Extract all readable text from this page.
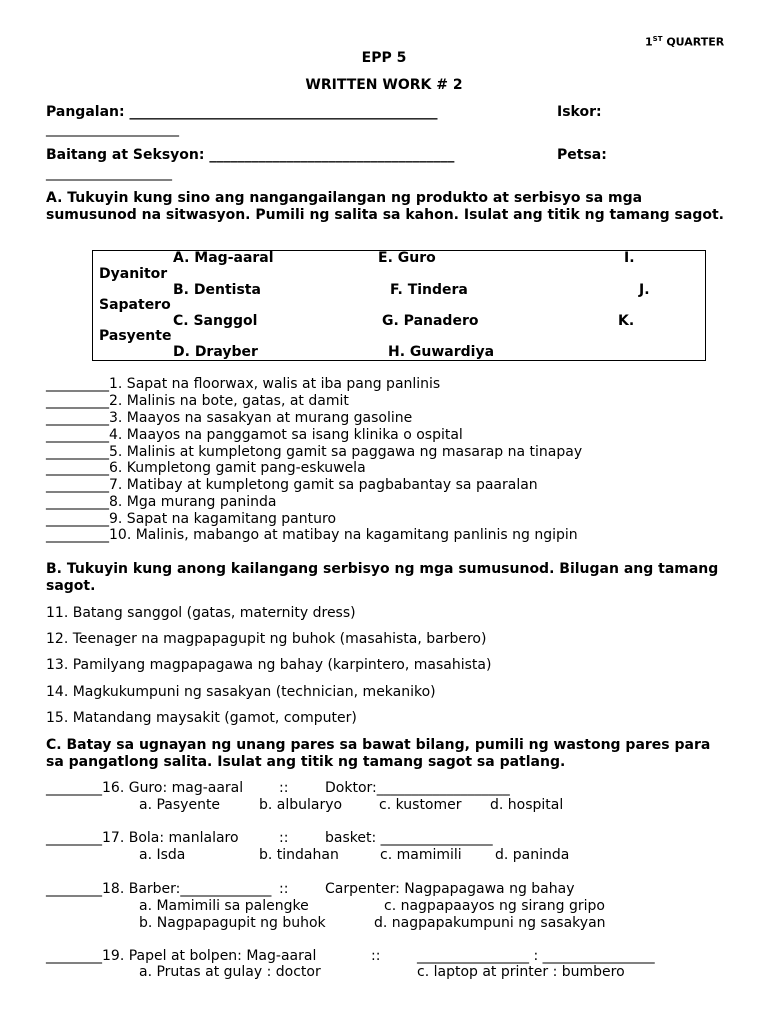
1ST QUARTER
EPP 5
WRITTEN WORK # 2
Pangalan: ____________________________________________	Iskor:
___________________
Baitang at Seksyon: ___________________________________	Petsa:
__________________
A. Tukuyin kung sino ang nangangailangan ng produkto at serbisyo sa mga sumusunod na sitwasyon. Pumili ng salita sa kahon. Isulat ang titik ng tamang sagot.
A. Mag-aaral	E. Guro	I.
Dyanitor
B. Dentista	F. Tindera	J.
Sapatero
C. Sanggol	G. Panadero	K.
Pasyente
D. Drayber	H. Guwardiya
_________1. Sapat na floorwax, walis at iba pang panlinis
_________2. Malinis na bote, gatas, at damit
_________3. Maayos na sasakyan at murang gasoline
_________4. Maayos na panggamot sa isang klinika o ospital
_________5. Malinis at kumpletong gamit sa paggawa ng masarap na tinapay
_________6. Kumpletong gamit pang-eskuwela
_________7. Matibay at kumpletong gamit sa pagbabantay sa paaralan
_________8. Mga murang paninda
_________9. Sapat na kagamitang panturo
_________10. Malinis, mabango at matibay na kagamitang panlinis ng ngipin
B. Tukuyin kung anong kailangang serbisyo ng mga sumusunod. Bilugan ang tamang sagot.
11. Batang sanggol (gatas, maternity dress)
12. Teenager na magpapagupit ng buhok (masahista, barbero)
13. Pamilyang magpapagawa ng bahay (karpintero, masahista)
14. Magkukumpuni ng sasakyan (technician, mekaniko)
15. Matandang maysakit (gamot, computer)
C. Batay sa ugnayan ng unang pares sa bawat bilang, pumili ng wastong pares para sa pangatlong salita. Isulat ang titik ng tamang sagot sa patlang.
________16. Guro: mag-aaral	::	Doktor:___________________
a. Pasyente	b. albularyo	c. kustomer d. hospital
________17. Bola: manlalaro	::	basket: ________________
a. Isda	b. tindahan	c. mamimili d. paninda
________18. Barber:_____________ ::	Carpenter: Nagpapagawa ng bahay
a. Mamimili sa palengke	c. nagpapaayos ng sirang gripo
b. Nagpapagupit ng buhok	d. nagpapakumpuni ng sasakyan
________19. Papel at bolpen: Mag-aaral	::	________________ : ________________
a. Prutas at gulay : doctor	c. laptop at printer : bumbero
